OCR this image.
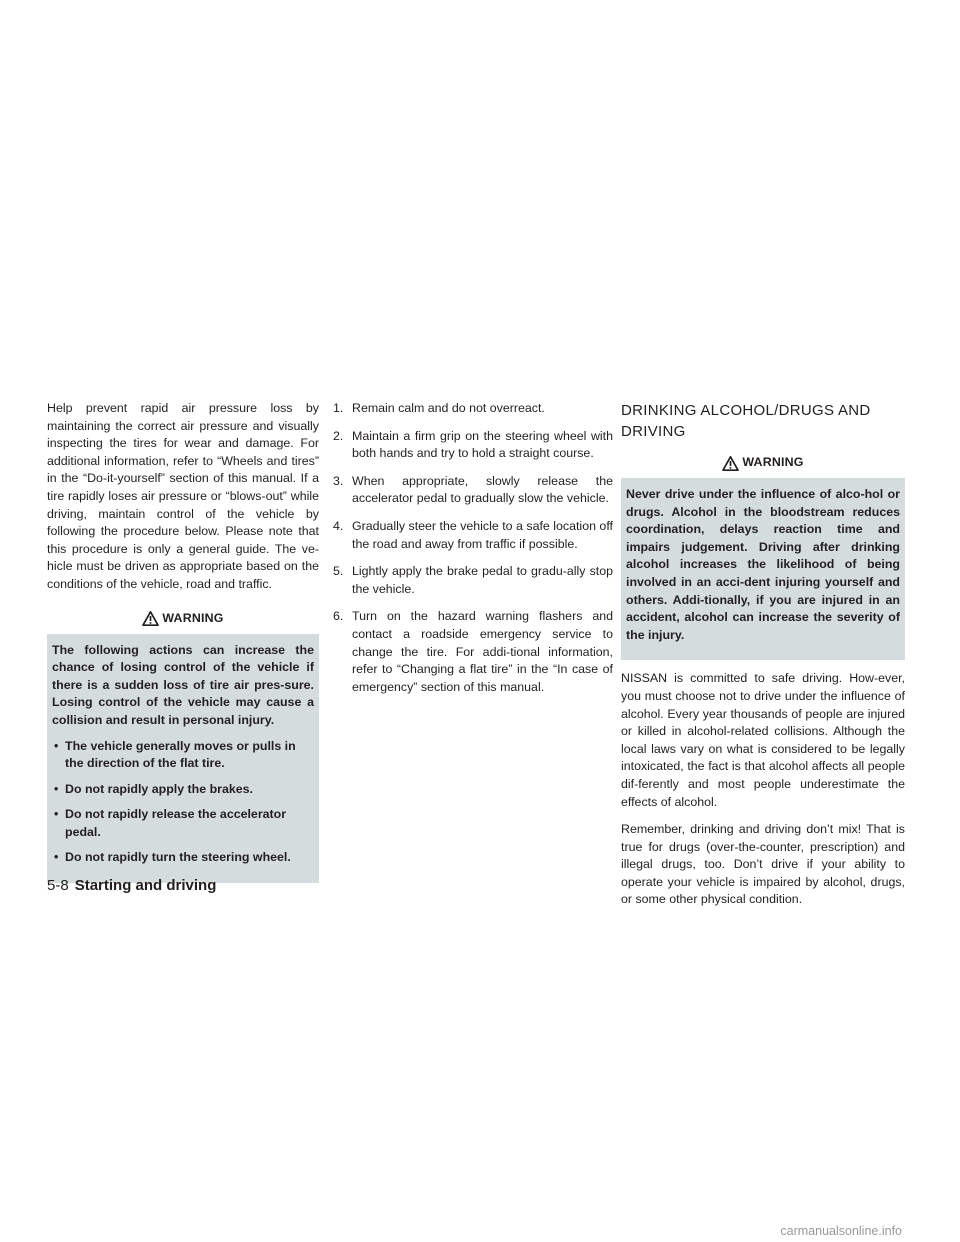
Help prevent rapid air pressure loss by maintaining the correct air pressure and visually inspecting the tires for wear and damage. For additional information, refer to “Wheels and tires” in the “Do-it-yourself” section of this manual. If a tire rapidly loses air pressure or “blows-out” while driving, maintain control of the vehicle by following the procedure below. Please note that this procedure is only a general guide. The ve-hicle must be driven as appropriate based on the conditions of the vehicle, road and traffic.

WARNING

The following actions can increase the chance of losing control of the vehicle if there is a sudden loss of tire air pres-sure. Losing control of the vehicle may cause a collision and result in personal injury.

• The vehicle generally moves or pulls in the direction of the flat tire.
• Do not rapidly apply the brakes.
• Do not rapidly release the accelerator pedal.
• Do not rapidly turn the steering wheel.
1. Remain calm and do not overreact.
2. Maintain a firm grip on the steering wheel with both hands and try to hold a straight course.
3. When appropriate, slowly release the accelerator pedal to gradually slow the vehicle.
4. Gradually steer the vehicle to a safe location off the road and away from traffic if possible.
5. Lightly apply the brake pedal to gradu-ally stop the vehicle.
6. Turn on the hazard warning flashers and contact a roadside emergency service to change the tire. For addi-tional information, refer to “Changing a flat tire” in the “In case of emergency” section of this manual.
DRINKING ALCOHOL/DRUGS AND DRIVING
WARNING

Never drive under the influence of alco-hol or drugs. Alcohol in the bloodstream reduces coordination, delays reaction time and impairs judgement. Driving after drinking alcohol increases the likelihood of being involved in an acci-dent injuring yourself and others. Addi-tionally, if you are injured in an accident, alcohol can increase the severity of the injury.

NISSAN is committed to safe driving. How-ever, you must choose not to drive under the influence of alcohol. Every year thousands of people are injured or killed in alcohol-related collisions. Although the local laws vary on what is considered to be legally intoxicated, the fact is that alcohol affects all people dif-ferently and most people underestimate the effects of alcohol.

Remember, drinking and driving don’t mix! That is true for drugs (over-the-counter, prescription) and illegal drugs, too. Don’t drive if your ability to operate your vehicle is impaired by alcohol, drugs, or some other physical condition.

5-8 Starting and driving
carmanualsonline.info
